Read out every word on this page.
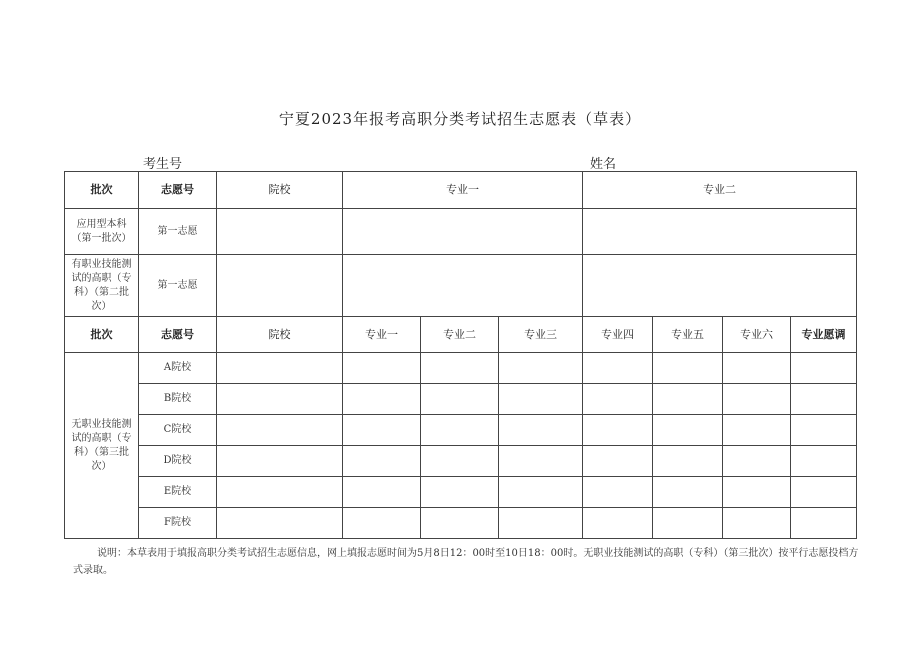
宁夏2023年报考高职分类考试招生志愿表（草表）
考生号	姓名
批次	志愿号	院校	专业一	专业二
应用型本科（第一批次）	第一志愿			
有职业技能测试的高职（专科）（第二批次）	第一志愿			
批次	志愿号	院校	专业一	专业二	专业三	专业四	专业五	专业六	专业愿调
无职业技能测试的高职（专科）（第三批次）	A院校								
	B院校								
	C院校								
	D院校								
	E院校								
	F院校								
说明：本草表用于填报高职分类考试招生志愿信息，网上填报志愿时间为5月8日12：00时至10日18：00时。无职业技能测试的高职（专科）（第三批次）按平行志愿投档方式录取。
